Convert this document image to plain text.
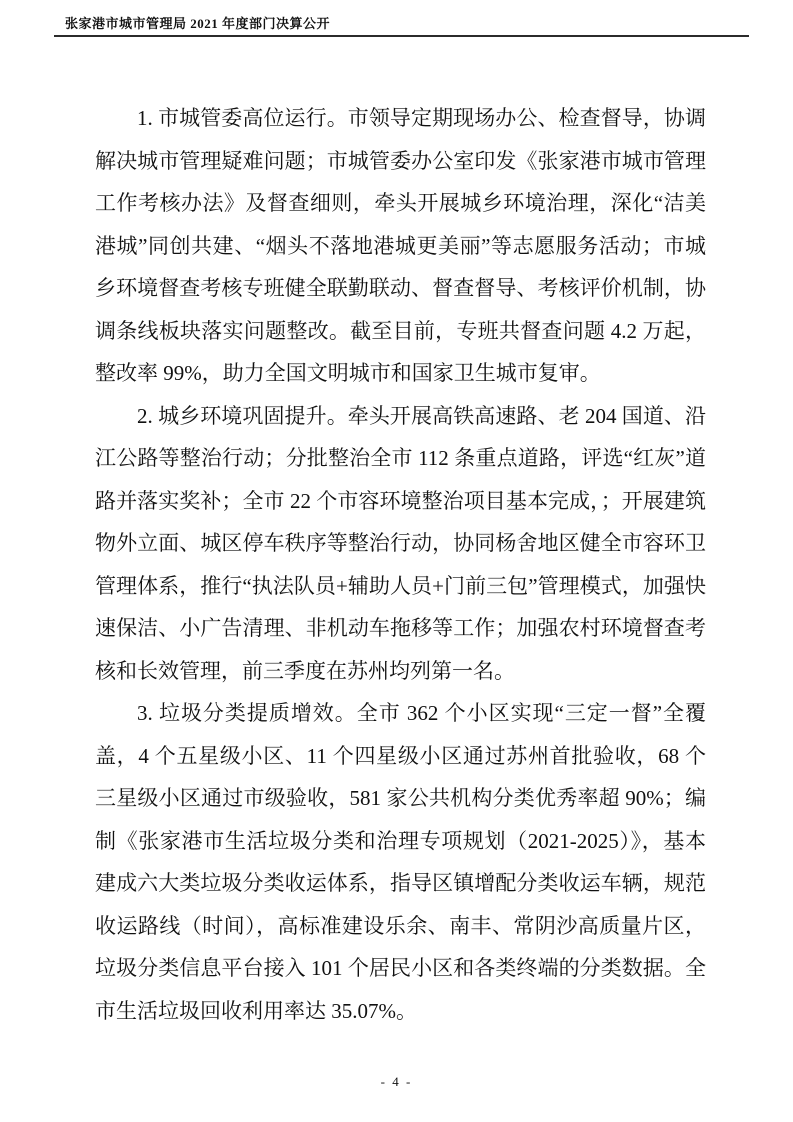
张家港市城市管理局 2021 年度部门决算公开

1. 市城管委高位运行。市领导定期现场办公、检查督导，协调解决城市管理疑难问题；市城管委办公室印发《张家港市城市管理工作考核办法》及督查细则，牵头开展城乡环境治理，深化“洁美港城”同创共建、“烟头不落地港城更美丽”等志愿服务活动；市城乡环境督查考核专班健全联勤联动、督查督导、考核评价机制，协调条线板块落实问题整改。截至目前，专班共督查问题 4.2 万起，整改率 99%，助力全国文明城市和国家卫生城市复审。

2. 城乡环境巩固提升。牵头开展高铁高速路、老 204 国道、沿江公路等整治行动；分批整治全市 112 条重点道路，评选“红灰”道路并落实奖补；全市 22 个市容环境整治项目基本完成，；开展建筑物外立面、城区停车秩序等整治行动，协同杨舍地区健全市容环卫管理体系，推行“执法队员+辅助人员+门前三包”管理模式，加强快速保洁、小广告清理、非机动车拖移等工作；加强农村环境督查考核和长效管理，前三季度在苏州均列第一名。

3. 垃圾分类提质增效。全市 362 个小区实现“三定一督”全覆盖，4 个五星级小区、11 个四星级小区通过苏州首批验收，68 个三星级小区通过市级验收，581 家公共机构分类优秀率超 90%；编制《张家港市生活垃圾分类和治理专项规划（2021-2025）》，基本建成六大类垃圾分类收运体系，指导区镇增配分类收运车辆，规范收运路线（时间），高标准建设乐余、南丰、常阴沙高质量片区，垃圾分类信息平台接入 101 个居民小区和各类终端的分类数据。全市生活垃圾回收利用率达 35.07%。

- 4 -
